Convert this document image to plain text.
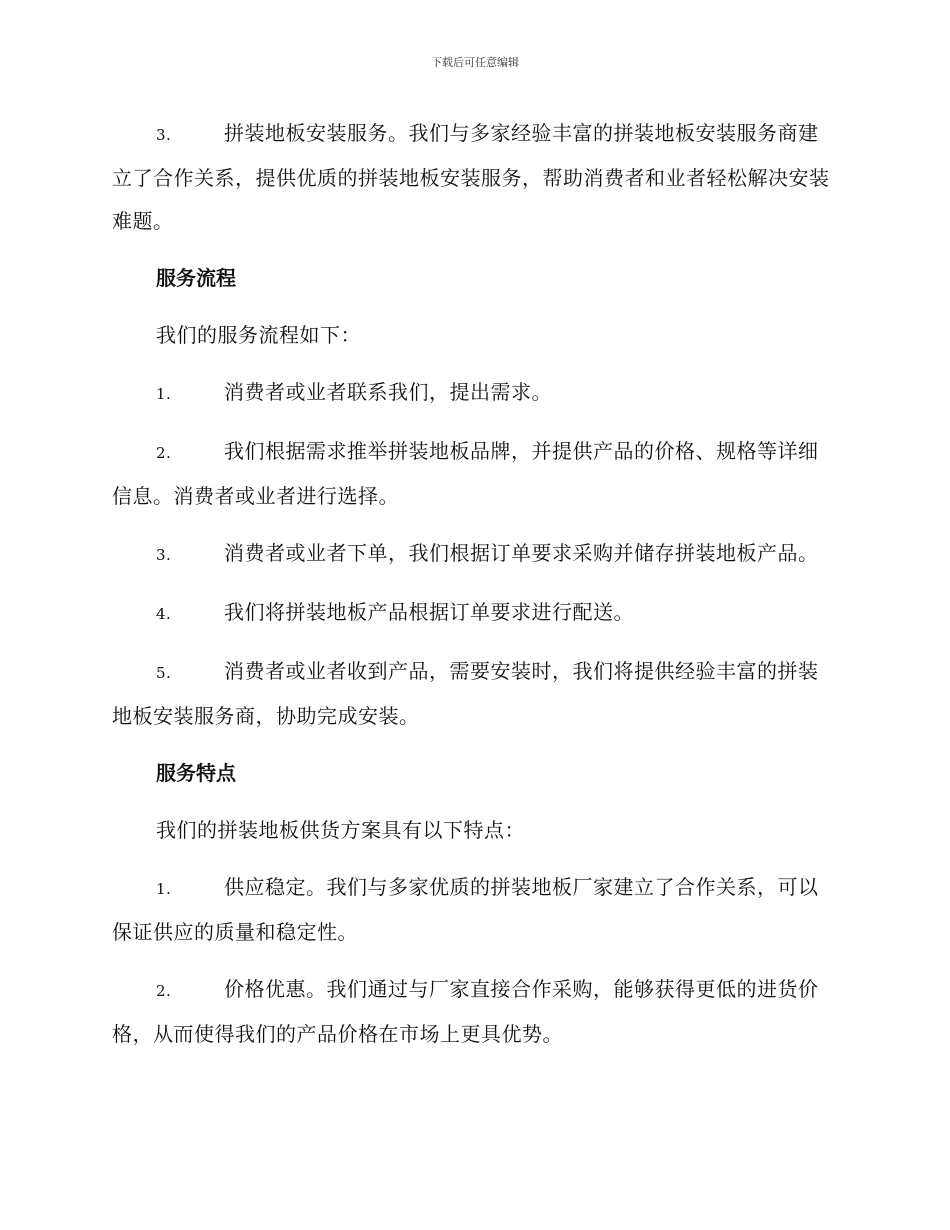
下载后可任意编辑
3.	拼装地板安装服务。我们与多家经验丰富的拼装地板安装服务商建立了合作关系，提供优质的拼装地板安装服务，帮助消费者和业者轻松解决安装难题。
服务流程
我们的服务流程如下：
1.	消费者或业者联系我们，提出需求。
2.	我们根据需求推举拼装地板品牌，并提供产品的价格、规格等详细信息。消费者或业者进行选择。
3.	消费者或业者下单，我们根据订单要求采购并储存拼装地板产品。
4.	我们将拼装地板产品根据订单要求进行配送。
5.	消费者或业者收到产品，需要安装时，我们将提供经验丰富的拼装地板安装服务商，协助完成安装。
服务特点
我们的拼装地板供货方案具有以下特点：
1.	供应稳定。我们与多家优质的拼装地板厂家建立了合作关系，可以保证供应的质量和稳定性。
2.	价格优惠。我们通过与厂家直接合作采购，能够获得更低的进货价格，从而使得我们的产品价格在市场上更具优势。
